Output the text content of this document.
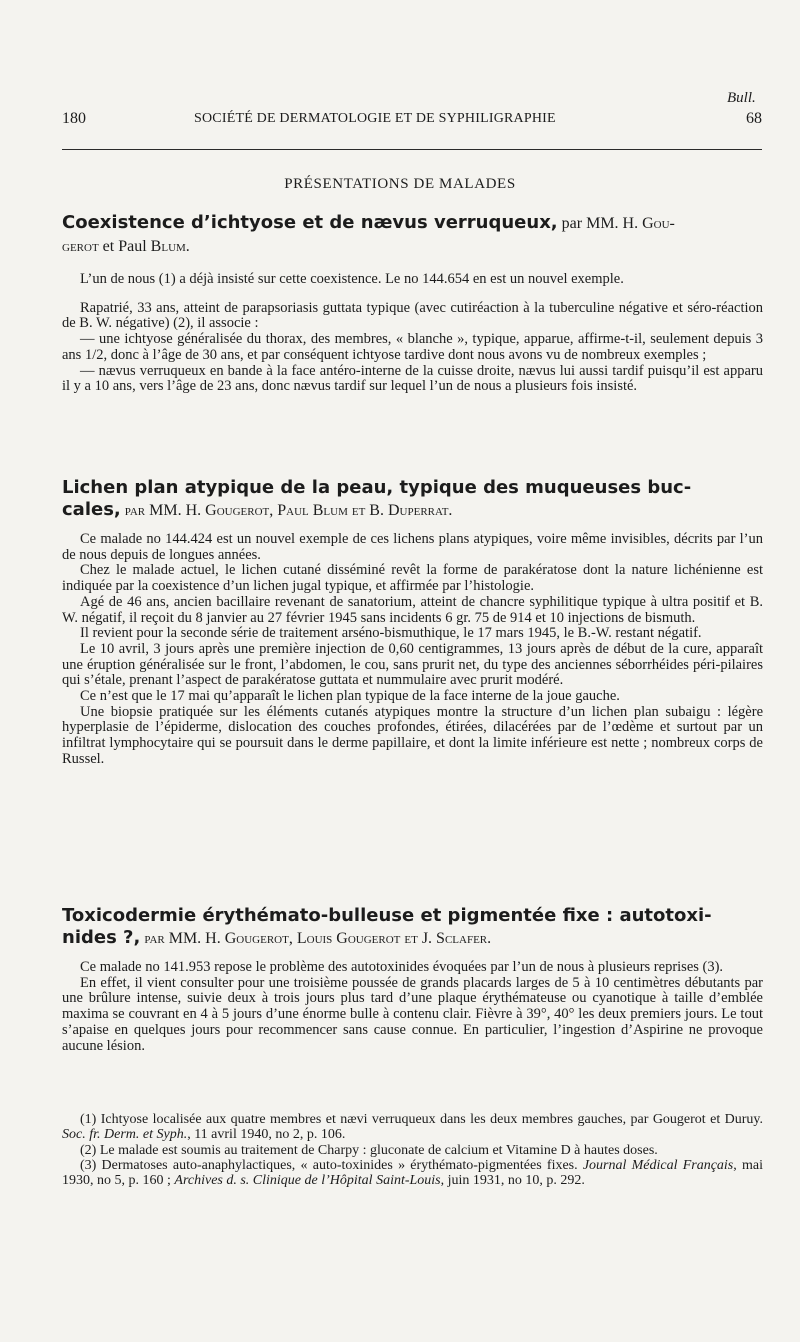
Bull.
180	SOCIÉTÉ DE DERMATOLOGIE ET DE SYPHILIGRAPHIE	68
PRÉSENTATIONS DE MALADES
Coexistence d’ichtyose et de nævus verruqueux, par MM. H. Gou-
gerot et Paul Blum.

L’un de nous (1) a déjà insisté sur cette coexistence. Le no 144.654 en est un nouvel exemple.

Rapatrié, 33 ans, atteint de parapsoriasis guttata typique (avec cutiréaction à la tuberculine négative et séro-réaction de B. W. négative) (2), il associe :

— une ichtyose généralisée du thorax, des membres, « blanche », typique, apparue, affirme-t-il, seulement depuis 3 ans 1/2, donc à l’âge de 30 ans, et par conséquent ichtyose tardive dont nous avons vu de nombreux exemples ;

— nævus verruqueux en bande à la face antéro-interne de la cuisse droite, nævus lui aussi tardif puisqu’il est apparu il y a 10 ans, vers l’âge de 23 ans, donc nævus tardif sur lequel l’un de nous a plusieurs fois insisté.

Lichen plan atypique de la peau, typique des muqueuses buc-
cales, par MM. H. Gougerot, Paul Blum et B. Duperrat.

Ce malade no 144.424 est un nouvel exemple de ces lichens plans atypiques, voire même invisibles, décrits par l’un de nous depuis de longues années.

Chez le malade actuel, le lichen cutané disséminé revêt la forme de parakératose dont la nature lichénienne est indiquée par la coexistence d’un lichen jugal typique, et affirmée par l’histologie.

Agé de 46 ans, ancien bacillaire revenant de sanatorium, atteint de chancre syphilitique typique à ultra positif et B. W. négatif, il reçoit du 8 janvier au 27 février 1945 sans incidents 6 gr. 75 de 914 et 10 injections de bismuth.

Il revient pour la seconde série de traitement arséno-bismuthique, le 17 mars 1945, le B.-W. restant négatif.

Le 10 avril, 3 jours après une première injection de 0,60 centigrammes, 13 jours après de début de la cure, apparaît une éruption généralisée sur le front, l’abdomen, le cou, sans prurit net, du type des anciennes séborrhéides péri-pilaires qui s’étale, prenant l’aspect de parakératose guttata et nummulaire avec prurit modéré.

Ce n’est que le 17 mai qu’apparaît le lichen plan typique de la face interne de la joue gauche.

Une biopsie pratiquée sur les éléments cutanés atypiques montre la structure d’un lichen plan subaigu : légère hyperplasie de l’épiderme, dislocation des couches profondes, étirées, dilacérées par de l’œdème et surtout par un infiltrat lymphocytaire qui se poursuit dans le derme papillaire, et dont la limite inférieure est nette ; nombreux corps de Russel.

Toxicodermie érythémato-bulleuse et pigmentée fixe : autotoxi-
nides ?, par MM. H. Gougerot, Louis Gougerot et J. Sclafer.

Ce malade no 141.953 repose le problème des autotoxinides évoquées par l’un de nous à plusieurs reprises (3).

En effet, il vient consulter pour une troisième poussée de grands placards larges de 5 à 10 centimètres débutants par une brûlure intense, suivie deux à trois jours plus tard d’une plaque érythémateuse ou cyanotique à taille d’emblée maxima se couvrant en 4 à 5 jours d’une énorme bulle à contenu clair. Fièvre à 39°, 40° les deux premiers jours. Le tout s’apaise en quelques jours pour recommencer sans cause connue. En particulier, l’ingestion d’Aspirine ne provoque aucune lésion.

(1) Ichtyose localisée aux quatre membres et nævi verruqueux dans les deux membres gauches, par Gougerot et Duruy. Soc. fr. Derm. et Syph., 11 avril 1940, no 2, p. 106.

(2) Le malade est soumis au traitement de Charpy : gluconate de calcium et Vitamine D à hautes doses.

(3) Dermatoses auto-anaphylactiques, « auto-toxinides » érythémato-pigmentées fixes. Journal Médical Français, mai 1930, no 5, p. 160 ; Archives d. s. Clinique de l’Hôpital Saint-Louis, juin 1931, no 10, p. 292.
